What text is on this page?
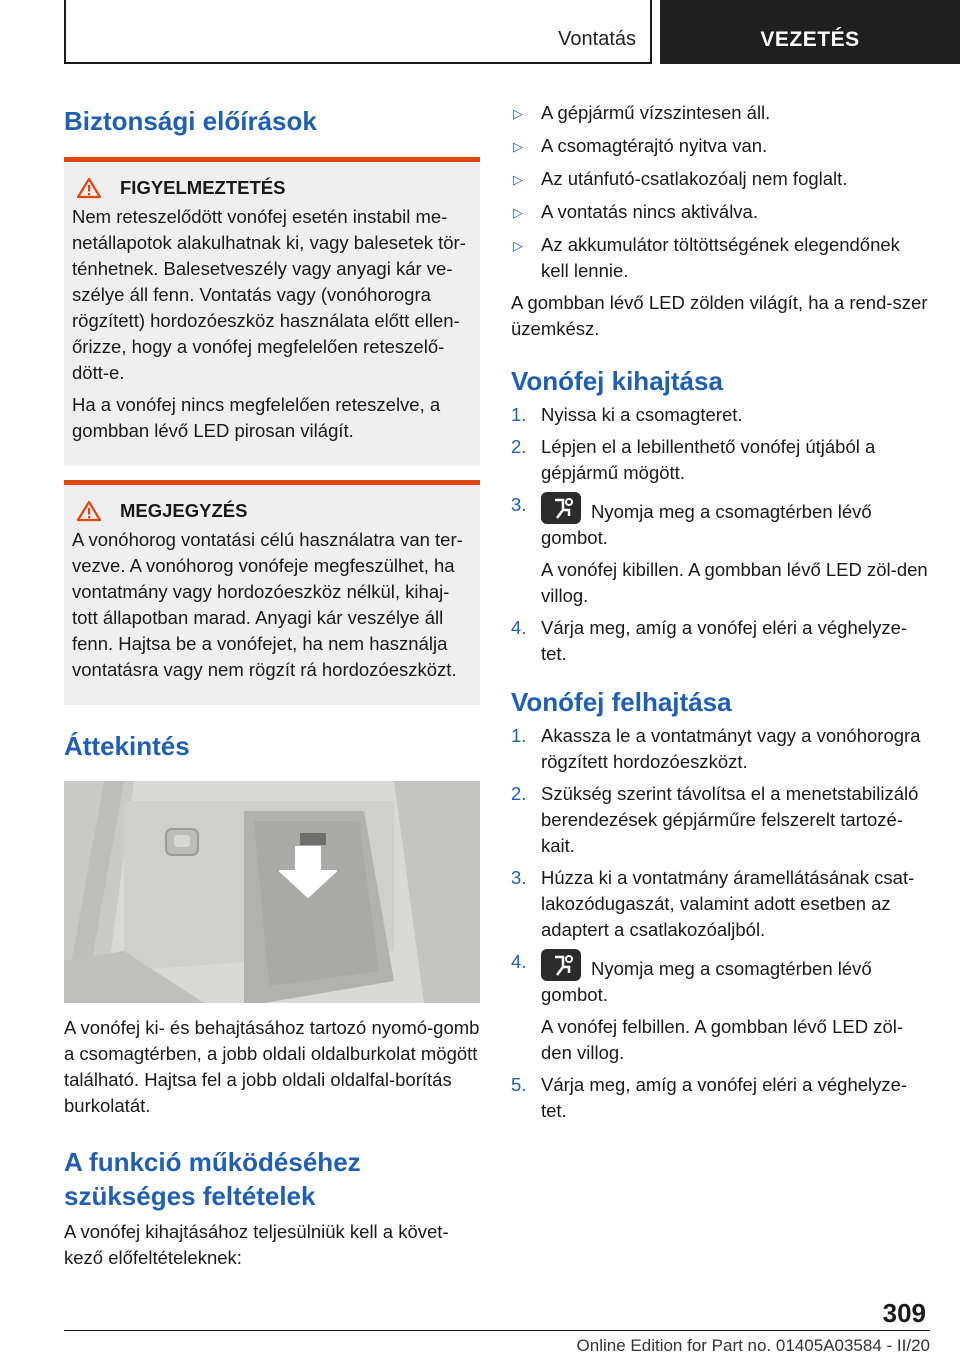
Vontatás	VEZETÉS
Biztonsági előírások
FIGYELMEZTETÉS

Nem reteszelődött vonófej esetén instabil me-netállapotok alakulhatnak ki, vagy balesetek tör-ténhetnek. Balesetveszély vagy anyagi kár ve-szélye áll fenn. Vontatás vagy (vonóhorogra rögzített) hordozóeszköz használata előtt ellen-őrizze, hogy a vonófej megfelelően reteszelő-dött-e.

Ha a vonófej nincs megfelelően reteszelve, a gombban lévő LED pirosan világít.

MEGJEGYZÉS

A vonóhorog vontatási célú használatra van ter-vezve. A vonóhorog vonófeje megfeszülhet, ha vontatmány vagy hordozóeszköz nélkül, kihaj-tott állapotban marad. Anyagi kár veszélye áll fenn. Hajtsa be a vonófejet, ha nem használja vontatásra vagy nem rögzít rá hordozóeszközt.

Áttekintés

A vonófej ki- és behajtásához tartozó nyomó-gomb a csomagtérben, a jobb oldali oldalburkolat mögött található. Hajtsa fel a jobb oldali oldalfal-borítás burkolatát.

A funkció működéséhez szükséges feltételek

A vonófej kihajtásához teljesülniük kell a követ-kező előfeltételeknek:

▷ A gépjármű vízszintesen áll.
▷ A csomagtérajtó nyitva van.
▷ Az utánfutó-csatlakozóalj nem foglalt.
▷ A vontatás nincs aktiválva.
▷ Az akkumulátor töltöttségének elegendőnek kell lennie.

A gombban lévő LED zölden világít, ha a rend-szer üzemkész.

Vonófej kihajtása
1. Nyissa ki a csomagteret.
2. Lépjen el a lebillenthető vonófej útjából a gépjármű mögött.
3.	Nyomja meg a csomagtérben lévő gombot.
A vonófej kibillen. A gombban lévő LED zöl-den villog.
4. Várja meg, amíg a vonófej eléri a véghelyze-tet.
Vonófej felhajtása
1. Akassza le a vontatmányt vagy a vonóhorogra rögzített hordozóeszközt.
2. Szükség szerint távolítsa el a menetstabilizáló berendezések gépjárműre felszerelt tartozé-kait.
3. Húzza ki a vontatmány áramellátásának csat-lakozódugaszát, valamint adott esetben az adaptert a csatlakozóaljból.
4.	Nyomja meg a csomagtérben lévő gombot.
A vonófej felbillen. A gombban lévő LED zöl-den villog.
5. Várja meg, amíg a vonófej eléri a véghelyze-tet.
309
Online Edition for Part no. 01405A03584 - II/20
